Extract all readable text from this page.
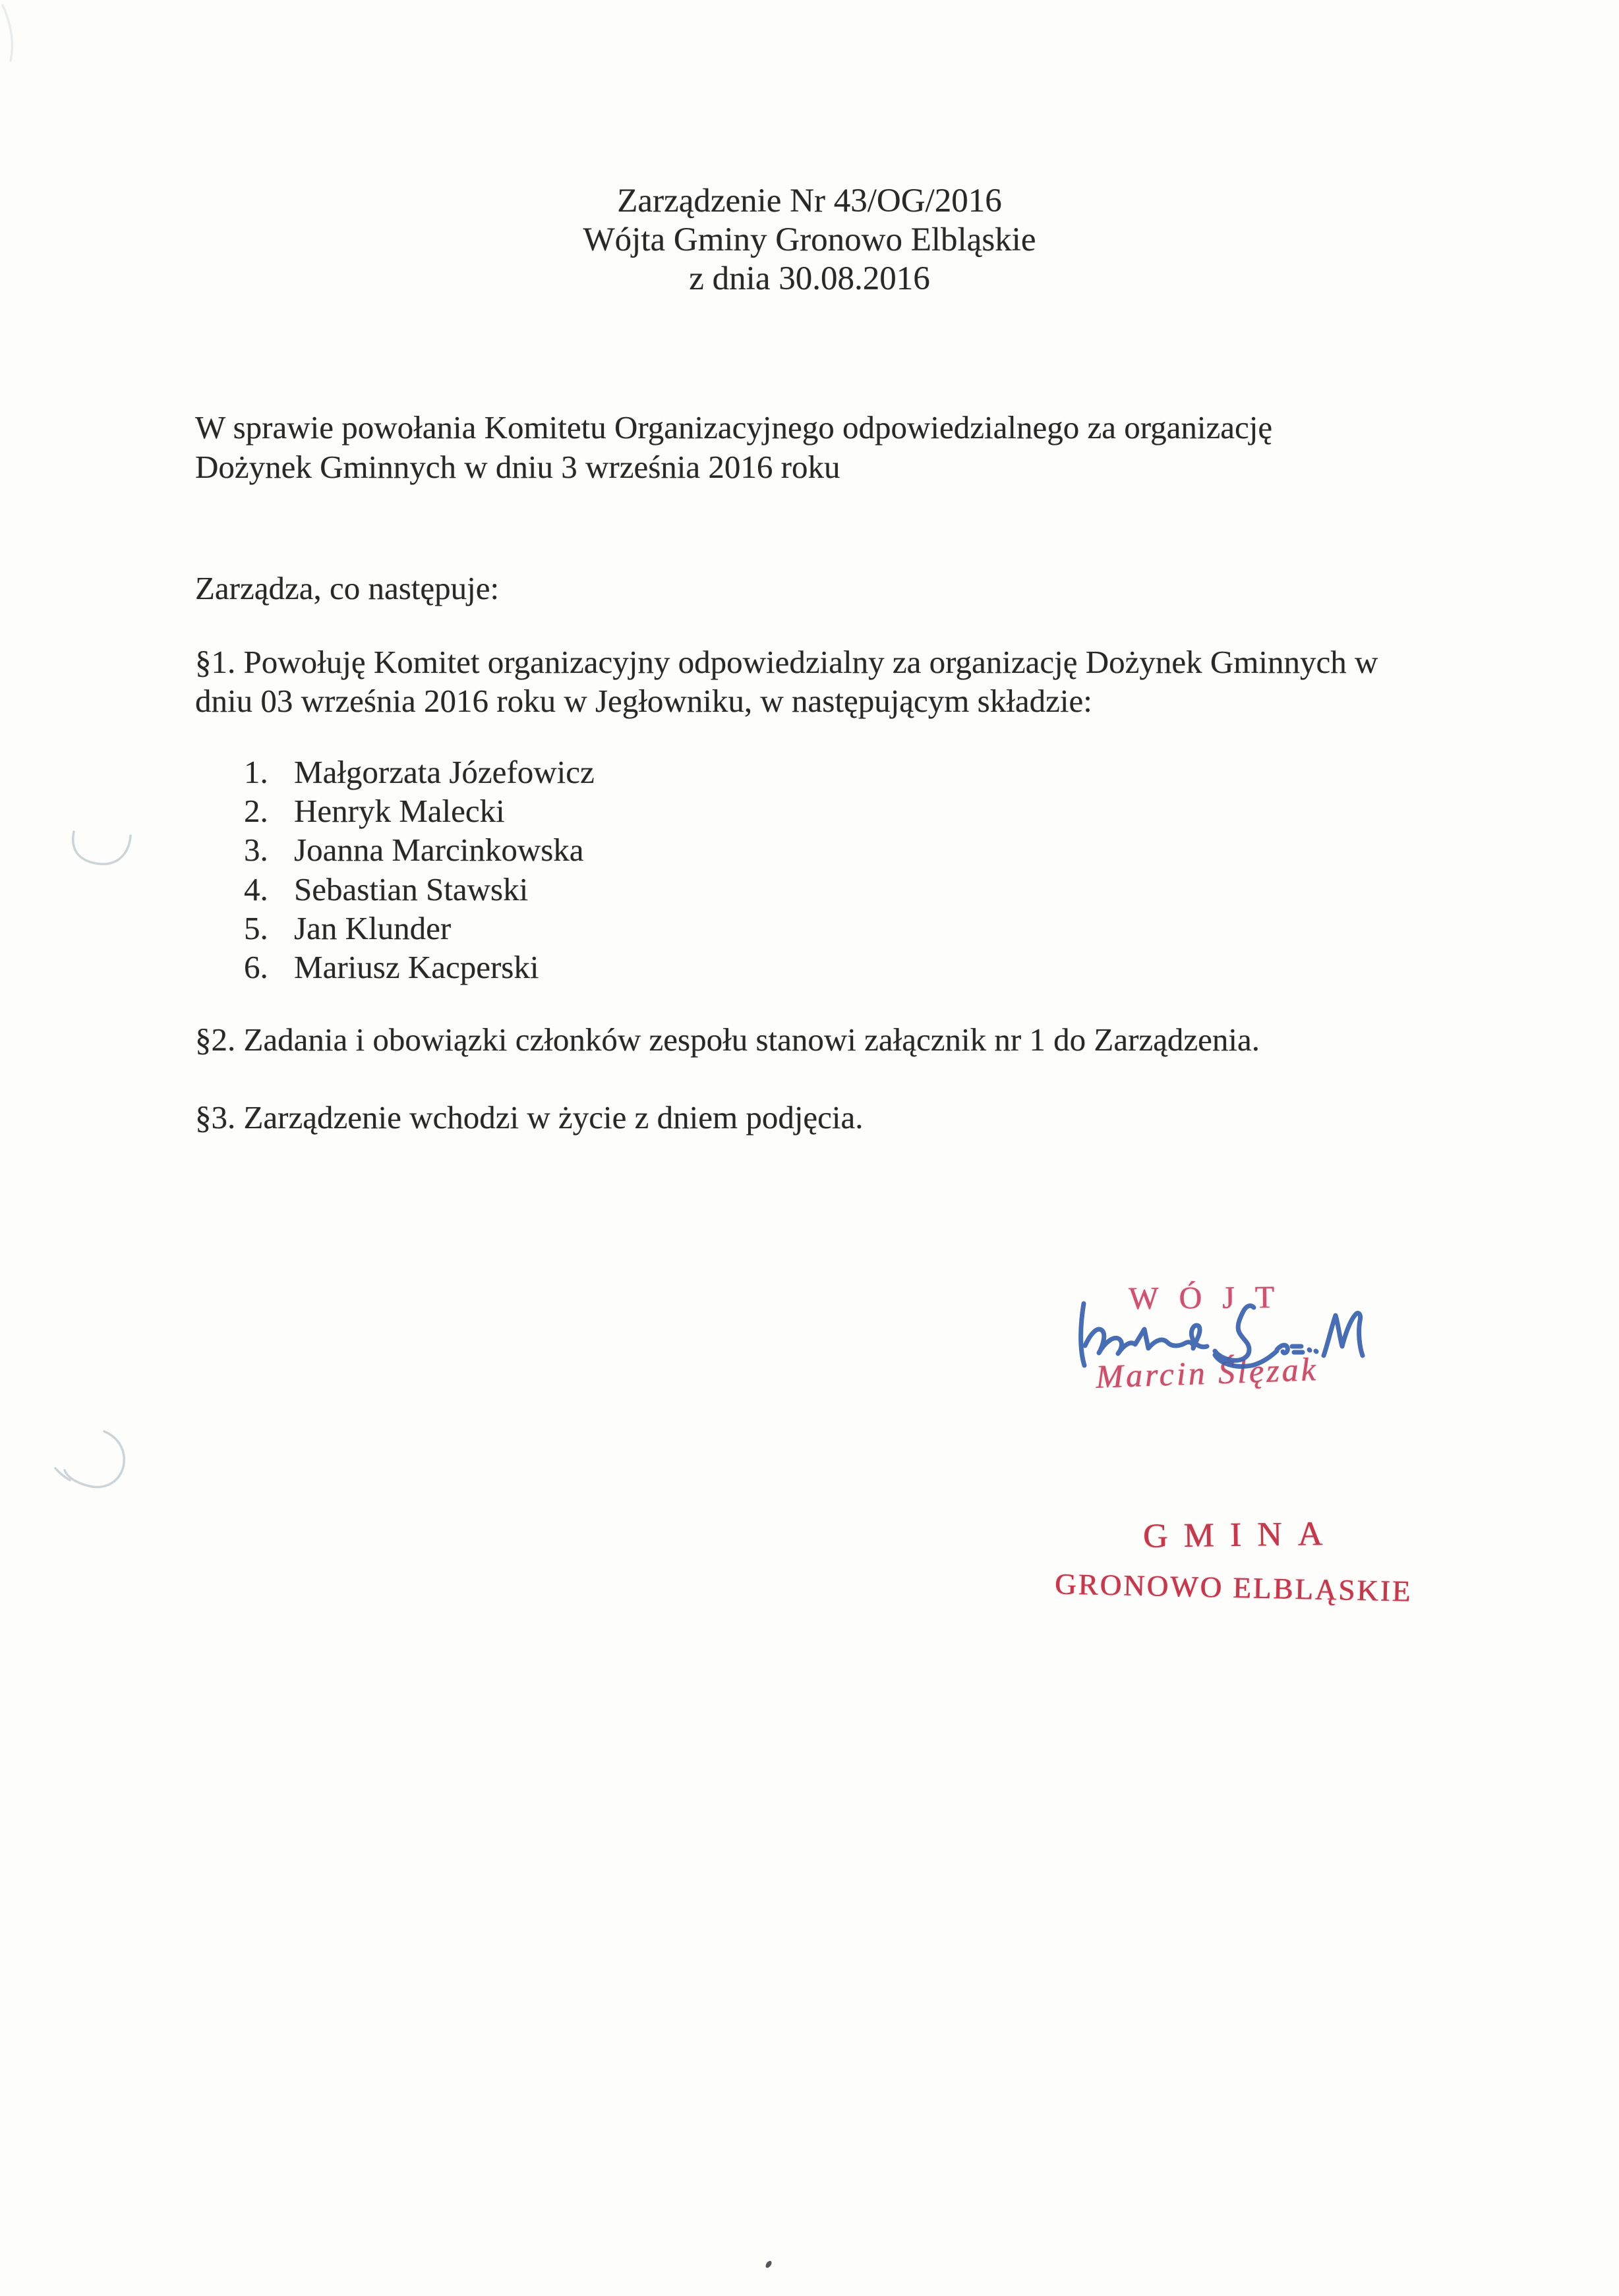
Zarządzenie Nr 43/OG/2016
Wójta Gminy Gronowo Elbląskie
z dnia 30.08.2016
W sprawie powołania Komitetu Organizacyjnego odpowiedzialnego za organizację
Dożynek Gminnych w dniu 3 września 2016 roku
Zarządza, co następuje:
§1. Powołuję Komitet organizacyjny odpowiedzialny za organizację Dożynek Gminnych w
dniu 03 września 2016 roku w Jegłowniku, w następującym składzie:
1. Małgorzata Józefowicz
2. Henryk Malecki
3. Joanna Marcinkowska
4. Sebastian Stawski
5. Jan Klunder
6. Mariusz Kacperski
§2. Zadania i obowiązki członków zespołu stanowi załącznik nr 1 do Zarządzenia.
§3. Zarządzenie wchodzi w życie z dniem podjęcia.
WÓJT
Marcin Ślęzak
GMINA
GRONOWO ELBLĄSKIE
